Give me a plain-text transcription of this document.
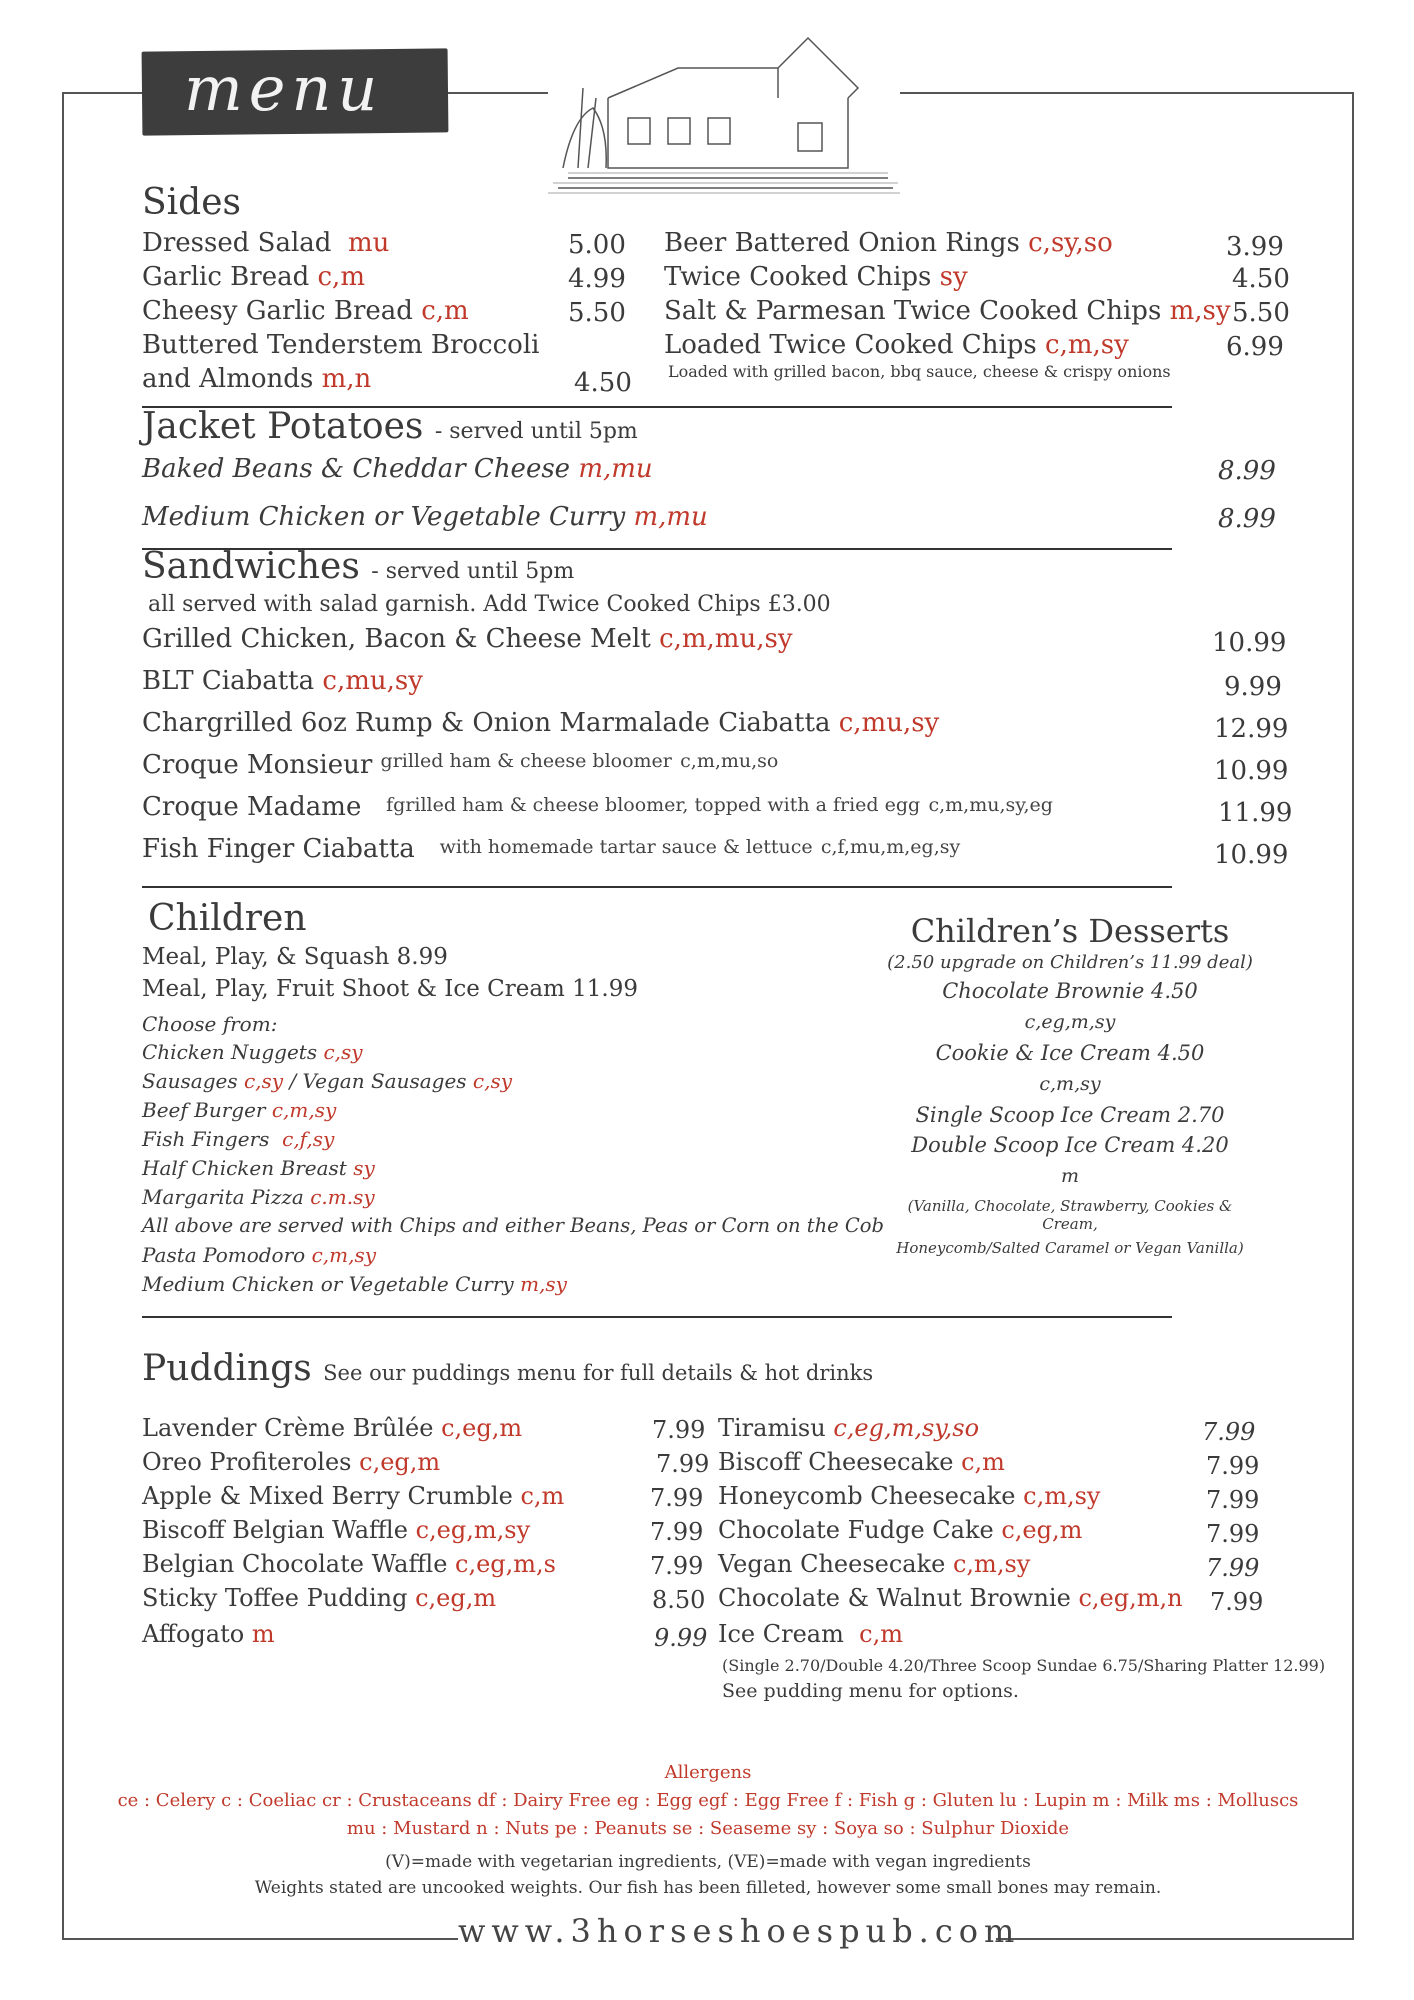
menu
Sides
Dressed Salad mu	5.00
Garlic Bread c,m	4.99
Cheesy Garlic Bread c,m	5.50
Buttered Tenderstem Broccoli
and Almonds m,n	4.50
Beer Battered Onion Rings c,sy,so	3.99
Twice Cooked Chips sy	4.50
Salt & Parmesan Twice Cooked Chips m,sy 5.50
Loaded Twice Cooked Chips c,m,sy	6.99
Loaded with grilled bacon, bbq sauce, cheese & crispy onions
Jacket Potatoes - served until 5pm
Baked Beans & Cheddar Cheese m,mu	8.99
Medium Chicken or Vegetable Curry m,mu	8.99
Sandwiches - served until 5pm
all served with salad garnish. Add Twice Cooked Chips £3.00
Grilled Chicken, Bacon & Cheese Melt c,m,mu,sy	10.99
BLT Ciabatta c,mu,sy	9.99
Chargrilled 6oz Rump & Onion Marmalade Ciabatta c,mu,sy	12.99
Croque Monsieur $^{grilled ham \& cheese bloomer}$ $^{c,m,mu,so}$	10.99
Croque Madame fgrilled ham & cheese bloomer, topped with a fried egg c,m,mu,sy,eg	11.99
Fish Finger Ciabatta with homemade tartar sauce & lettuce c,f,mu,m,eg,sy	10.99
Children
Meal, Play, & Squash 8.99
Meal, Play, Fruit Shoot & Ice Cream 11.99
Choose from:
Chicken Nuggets c,sy
Sausages c,sy / Vegan Sausages c,sy
Beef Burger c,m,sy
Fish Fingers c,f,sy
Half Chicken Breast sy
Margarita Pizza c.m.sy
All above are served with Chips and either Beans, Peas or Corn on the Cob
Pasta Pomodoro c,m,sy
Medium Chicken or Vegetable Curry m,sy
Children’s Desserts
(2.50 upgrade on Children’s 11.99 deal)
Chocolate Brownie 4.50
c,eg,m,sy
Cookie & Ice Cream 4.50
c,m,sy
Single Scoop Ice Cream 2.70
Double Scoop Ice Cream 4.20
m
(Vanilla, Chocolate, Strawberry, Cookies & Cream,
Honeycomb/Salted Caramel or Vegan Vanilla)
Puddings See our puddings menu for full details & hot drinks
Lavender Crème Brûlée c,eg,m	7.99
Oreo Profiteroles c,eg,m	7.99
Apple & Mixed Berry Crumble c,m	7.99
Biscoff Belgian Waffle c,eg,m,sy	7.99
Belgian Chocolate Waffle c,eg,m,s	7.99
Sticky Toffee Pudding c,eg,m	8.50
Affogato m	9.99
Tiramisu c,eg,m,sy,so	7.99
Biscoff Cheesecake c,m	7.99
Honeycomb Cheesecake c,m,sy	7.99
Chocolate Fudge Cake c,eg,m	7.99
Vegan Cheesecake c,m,sy	7.99
Chocolate & Walnut Brownie c,eg,m,n 7.99
Ice Cream c,m
(Single 2.70/Double 4.20/Three Scoop Sundae 6.75/Sharing Platter 12.99)
See pudding menu for options.
Allergens
ce : Celery c : Coeliac cr : Crustaceans df : Dairy Free eg : Egg egf : Egg Free f : Fish g : Gluten lu : Lupin m : Milk ms : Molluscs
mu : Mustard n : Nuts pe : Peanuts se : Seaseme sy : Soya so : Sulphur Dioxide
(V)=made with vegetarian ingredients, (VE)=made with vegan ingredients
Weights stated are uncooked weights. Our fish has been filleted, however some small bones may remain.
www.3horseshoespub.com
